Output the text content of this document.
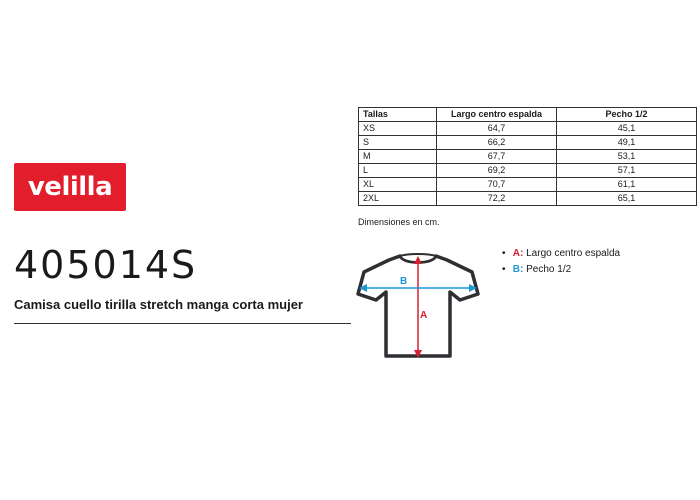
velilla
405014S
Camisa cuello tirilla stretch manga corta mujer
Tallas	Largo centro espalda	Pecho 1/2
XS	64,7	45,1
S	66,2	49,1
M	67,7	53,1
L	69,2	57,1
XL	70,7	61,1
2XL	72,2	65,1
Dimensiones en cm.
A
B
• A: Largo centro espalda
• B: Pecho 1/2
